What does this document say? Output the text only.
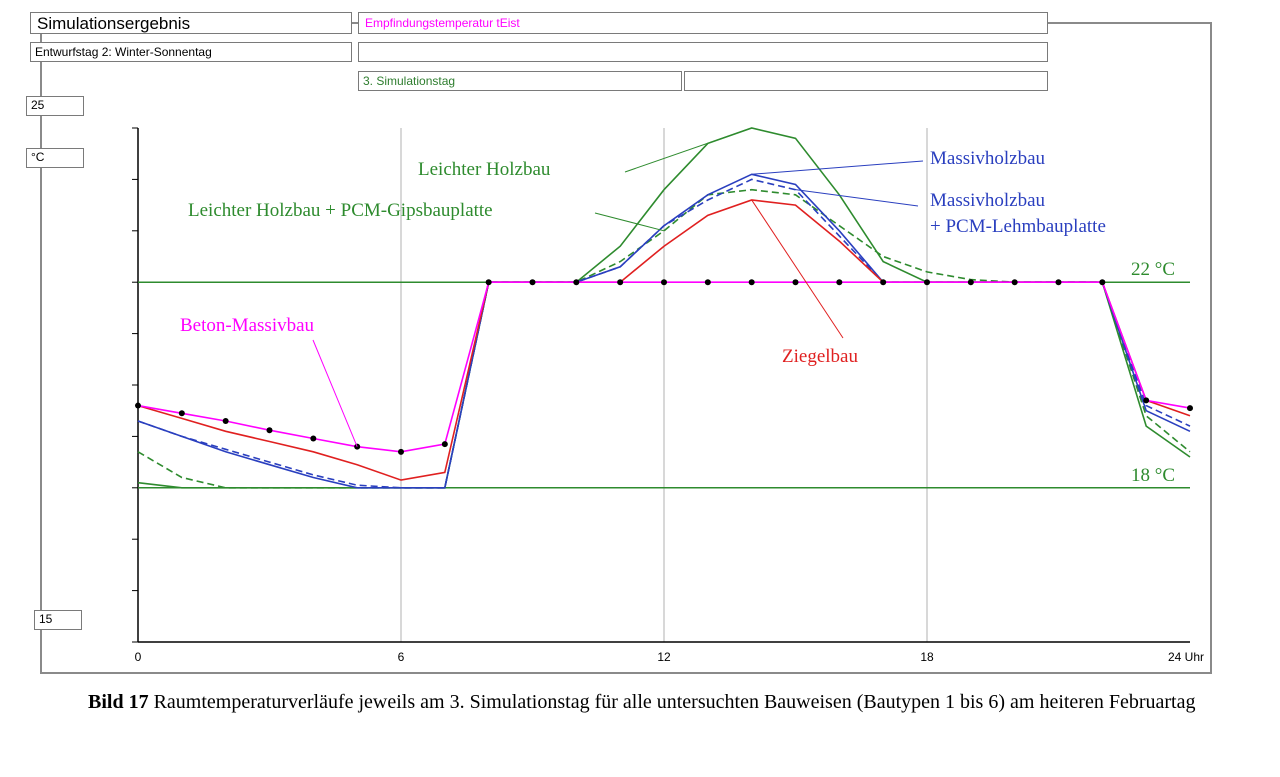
Simulationsergebnis
Entwurfstag 2: Winter-Sonnentag
Empfindungstemperatur tEist
3. Simulationstag
25
°C
15
0	6	12	18	24 Uhr
22 °C
18 °C
Leichter Holzbau
Leichter Holzbau + PCM-Gipsbauplatte
Massivholzbau
Massivholzbau + PCM-Lehmbauplatte
Ziegelbau
Beton-Massivbau
Bild 17 Raumtemperaturverläufe jeweils am 3. Simulationstag für alle untersuchten Bauweisen (Bautypen 1 bis 6) am heiteren Februartag
